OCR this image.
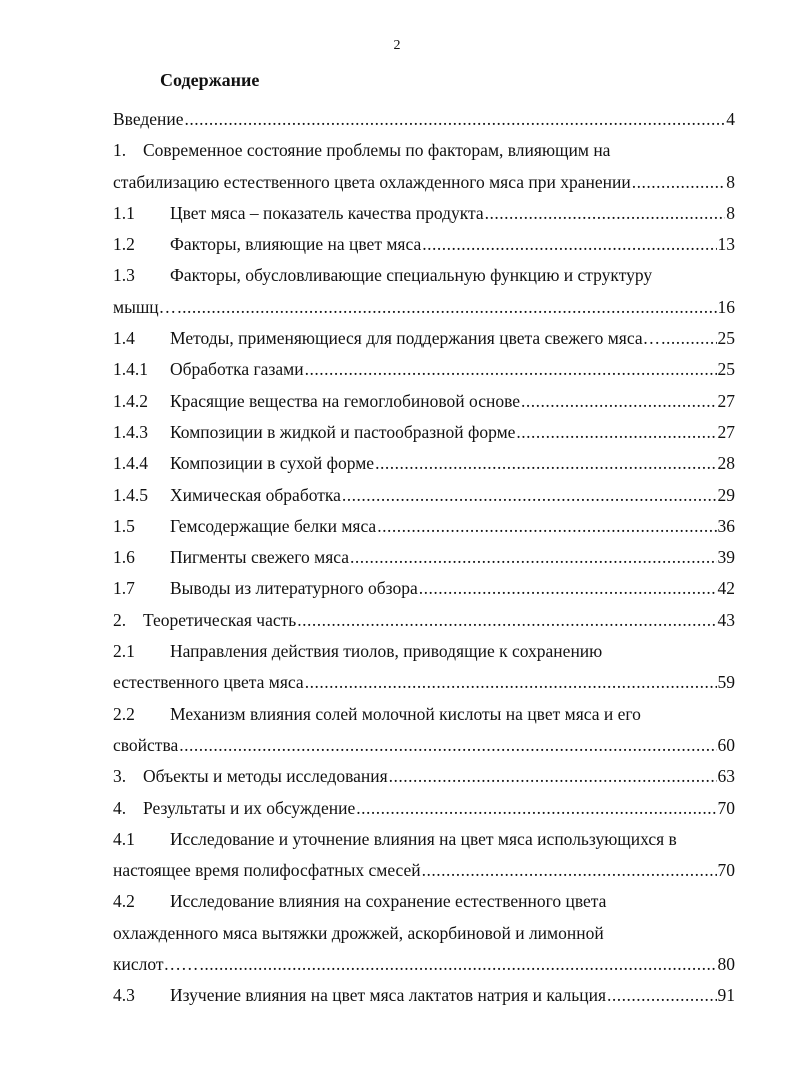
2
Содержание
Введение .....	4
1. Современное состояние проблемы по факторам, влияющим на
стабилизацию естественного цвета охлажденного мяса при хранении .....	8
1.1	Цвет мяса – показатель качества продукта .....	8
1.2	Факторы, влияющие на цвет мяса .....	13
1.3	Факторы, обусловливающие специальную функцию и структуру
мышц… .....	16
1.4	Методы, применяющиеся для поддержания цвета свежего мяса… .....	25
1.4.1	Обработка газами .....	25
1.4.2	Красящие вещества на гемоглобиновой основе .....	27
1.4.3	Композиции в жидкой и пастообразной форме .....	27
1.4.4	Композиции в сухой форме .....	28
1.4.5	Химическая обработка .....	29
1.5	Гемсодержащие белки мяса .....	36
1.6	Пигменты свежего мяса .....	39
1.7	Выводы из литературного обзора .....	42
2. Теоретическая часть .....	43
2.1	Направления действия тиолов, приводящие к сохранению
естественного цвета мяса .....	59
2.2	Механизм влияния солей молочной кислоты на цвет мяса и его
свойства .....	60
3. Объекты и методы исследования .....	63
4. Результаты и их обсуждение .....	70
4.1	Исследование и уточнение влияния на цвет мяса использующихся в
настоящее время полифосфатных смесей .....	70
4.2	Исследование влияния на сохранение естественного цвета
охлажденного мяса вытяжки дрожжей, аскорбиновой и лимонной
кислот…… .....	80
4.3	Изучение влияния на цвет мяса лактатов натрия и кальция .....	91
